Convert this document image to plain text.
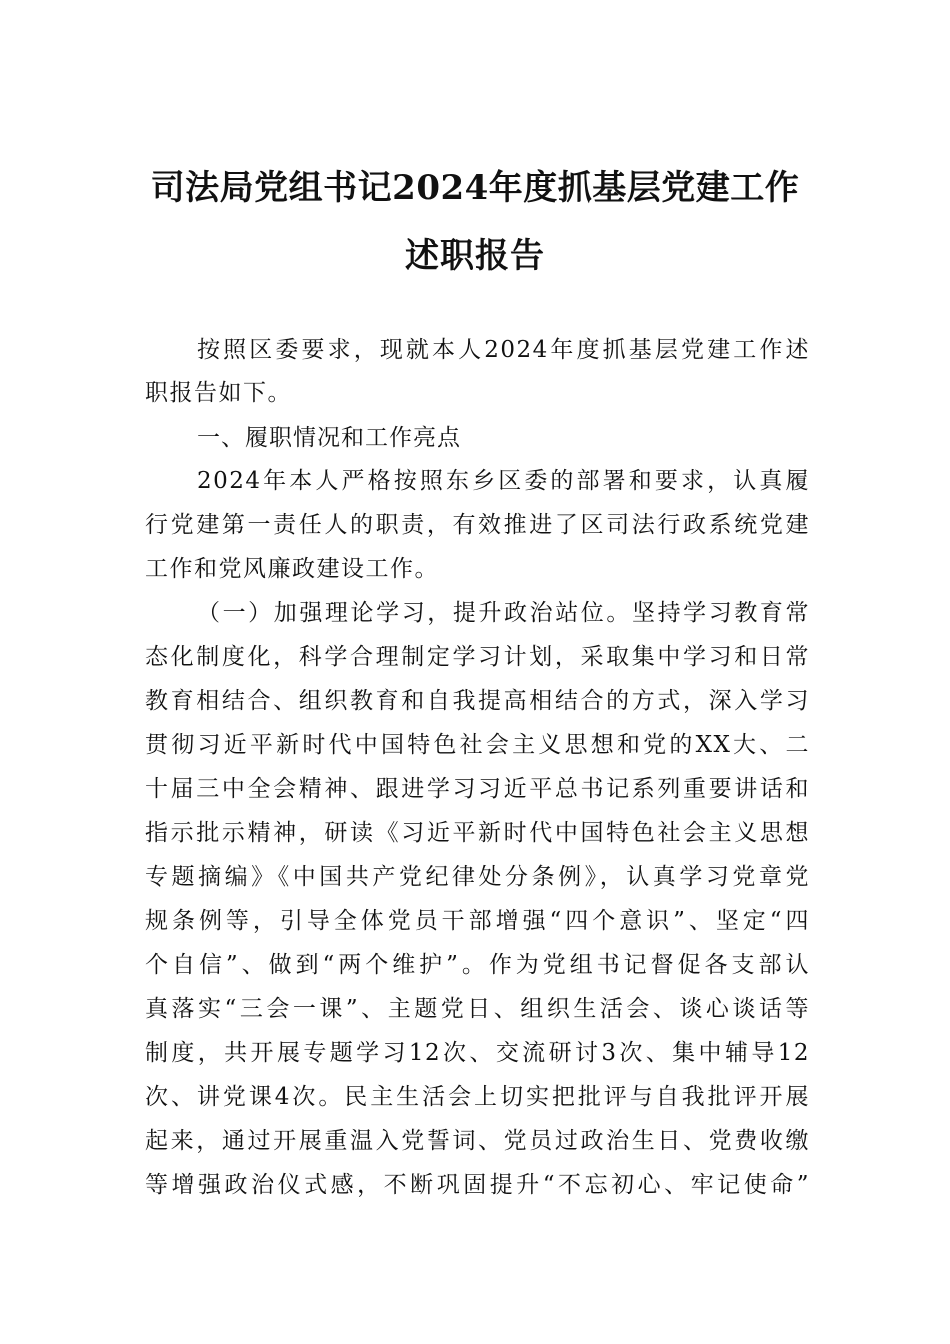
司法局党组书记2024年度抓基层党建工作
述职报告
按照区委要求，现就本人2024年度抓基层党建工作述
职报告如下。
一、履职情况和工作亮点
2024年本人严格按照东乡区委的部署和要求，认真履
行党建第一责任人的职责，有效推进了区司法行政系统党建
工作和党风廉政建设工作。
（一）加强理论学习，提升政治站位。坚持学习教育常
态化制度化，科学合理制定学习计划，采取集中学习和日常
教育相结合、组织教育和自我提高相结合的方式，深入学习
贯彻习近平新时代中国特色社会主义思想和党的XX大、二
十届三中全会精神、跟进学习习近平总书记系列重要讲话和
指示批示精神，研读《习近平新时代中国特色社会主义思想
专题摘编》《中国共产党纪律处分条例》，认真学习党章党
规条例等，引导全体党员干部增强“四个意识”、坚定“四
个自信”、做到“两个维护”。作为党组书记督促各支部认
真落实“三会一课”、主题党日、组织生活会、谈心谈话等
制度，共开展专题学习12次、交流研讨3次、集中辅导12
次、讲党课4次。民主生活会上切实把批评与自我批评开展
起来，通过开展重温入党誓词、党员过政治生日、党费收缴
等增强政治仪式感，不断巩固提升“不忘初心、牢记使命”
